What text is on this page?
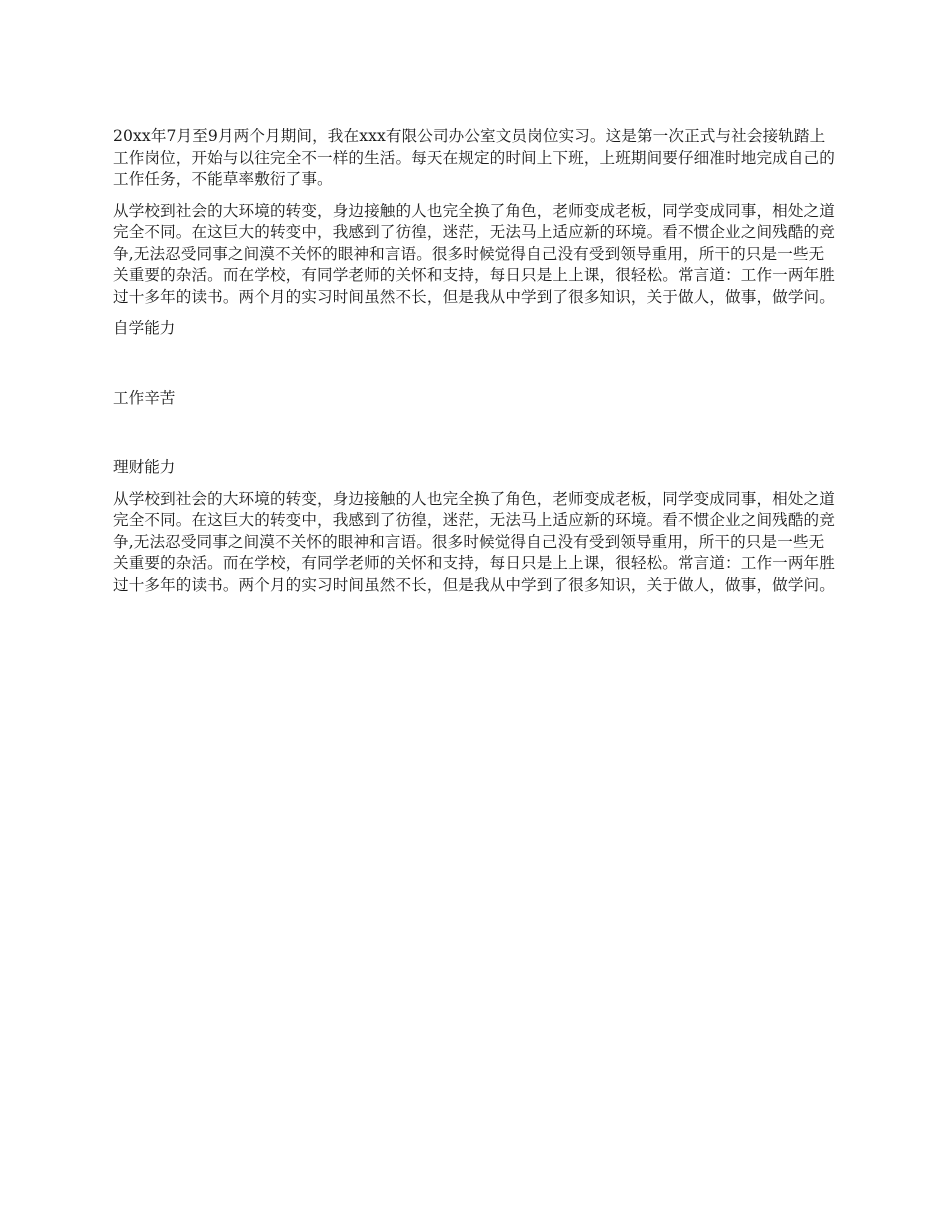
20xx年7月至9月两个月期间，我在xxx有限公司办公室文员岗位实习。这是第一次正式与社会接轨踏上工作岗位，开始与以往完全不一样的生活。每天在规定的时间上下班，上班期间要仔细准时地完成自己的工作任务，不能草率敷衍了事。

从学校到社会的大环境的转变，身边接触的人也完全换了角色，老师变成老板，同学变成同事，相处之道完全不同。在这巨大的转变中，我感到了彷徨，迷茫，无法马上适应新的环境。看不惯企业之间残酷的竞争,无法忍受同事之间漠不关怀的眼神和言语。很多时候觉得自己没有受到领导重用，所干的只是一些无关重要的杂活。而在学校，有同学老师的关怀和支持，每日只是上上课，很轻松。常言道：工作一两年胜过十多年的读书。两个月的实习时间虽然不长，但是我从中学到了很多知识，关于做人，做事，做学问。

自学能力

工作辛苦

理财能力

从学校到社会的大环境的转变，身边接触的人也完全换了角色，老师变成老板，同学变成同事，相处之道完全不同。在这巨大的转变中，我感到了彷徨，迷茫，无法马上适应新的环境。看不惯企业之间残酷的竞争,无法忍受同事之间漠不关怀的眼神和言语。很多时候觉得自己没有受到领导重用，所干的只是一些无关重要的杂活。而在学校，有同学老师的关怀和支持，每日只是上上课，很轻松。常言道：工作一两年胜过十多年的读书。两个月的实习时间虽然不长，但是我从中学到了很多知识，关于做人，做事，做学问。
